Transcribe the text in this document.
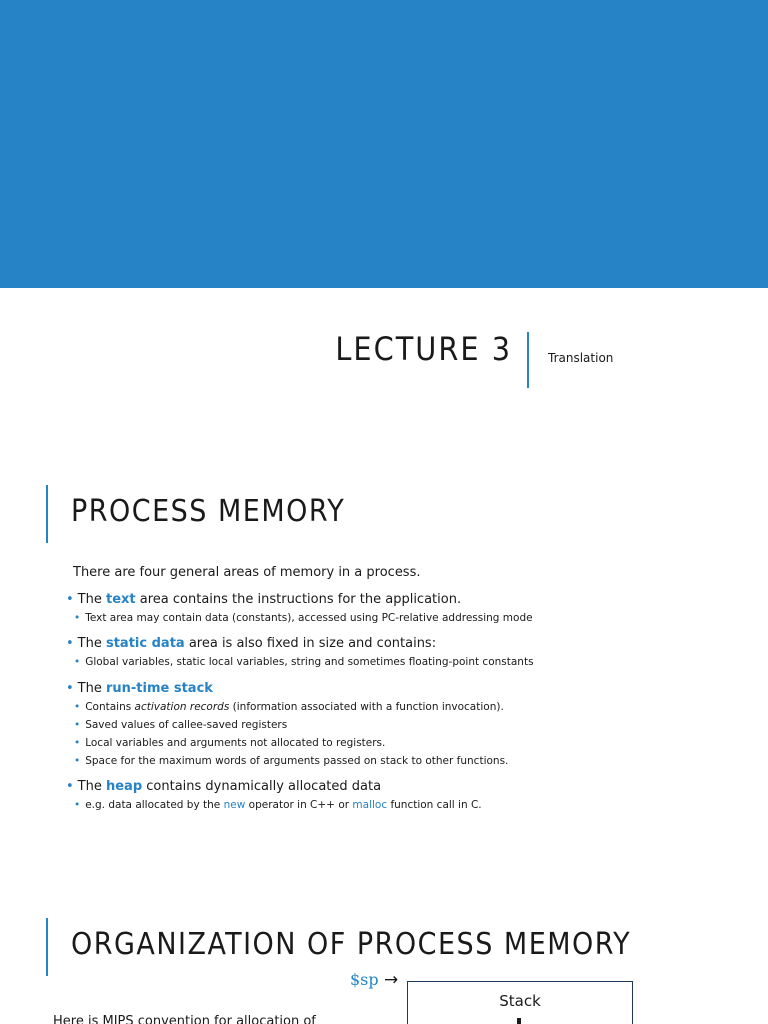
LECTURE 3	Translation
PROCESS MEMORY
There are four general areas of memory in a process.
• The text area contains the instructions for the application.
• Text area may contain data (constants), accessed using PC-relative addressing mode
• The static data area is also fixed in size and contains:
• Global variables, static local variables, string and sometimes floating-point constants
• The run-time stack
• Contains activation records (information associated with a function invocation).
• Saved values of callee-saved registers
• Local variables and arguments not allocated to registers.
• Space for the maximum words of arguments passed on stack to other functions.
• The heap contains dynamically allocated data
• e.g. data allocated by the new operator in C++ or malloc function call in C.
ORGANIZATION OF PROCESS MEMORY
$sp →
Stack
Here is MIPS convention for allocation of
